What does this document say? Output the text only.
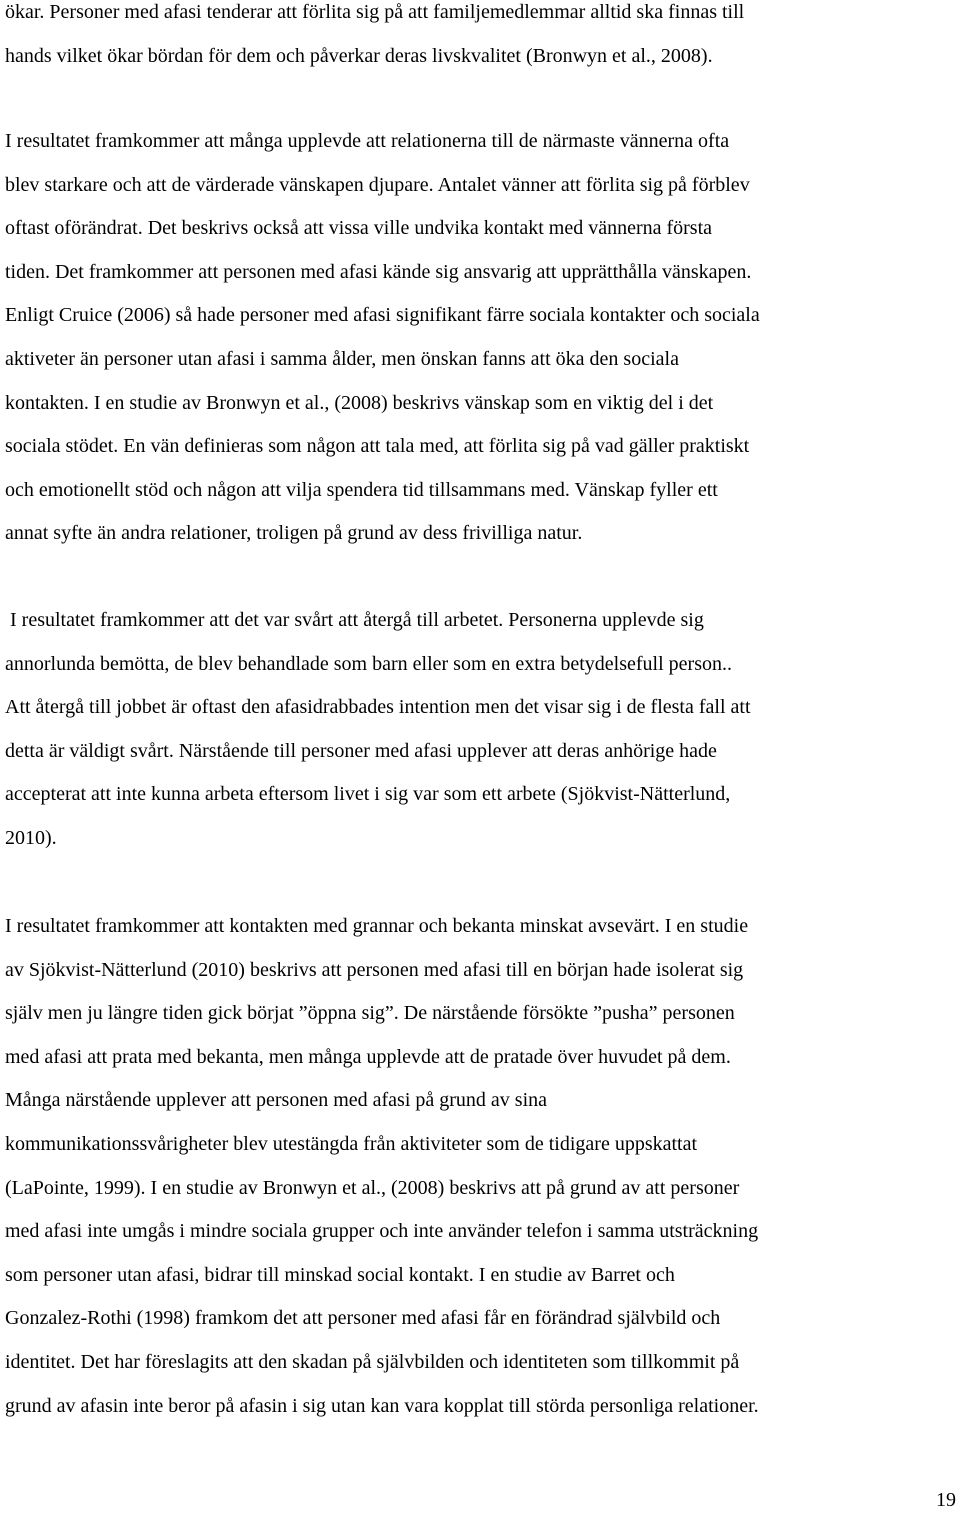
ökar. Personer med afasi tenderar att förlita sig på att familjemedlemmar alltid ska finnas till
hands vilket ökar bördan för dem och påverkar deras livskvalitet (Bronwyn et al., 2008).

I resultatet framkommer att många upplevde att relationerna till de närmaste vännerna ofta
blev starkare och att de värderade vänskapen djupare. Antalet vänner att förlita sig på förblev
oftast oförändrat. Det beskrivs också att vissa ville undvika kontakt med vännerna första
tiden. Det framkommer att personen med afasi kände sig ansvarig att upprätthålla vänskapen.
Enligt Cruice (2006) så hade personer med afasi signifikant färre sociala kontakter och sociala
aktiveter än personer utan afasi i samma ålder, men önskan fanns att öka den sociala
kontakten. I en studie av Bronwyn et al., (2008) beskrivs vänskap som en viktig del i det
sociala stödet. En vän definieras som någon att tala med, att förlita sig på vad gäller praktiskt
och emotionellt stöd och någon att vilja spendera tid tillsammans med. Vänskap fyller ett
annat syfte än andra relationer, troligen på grund av dess frivilliga natur.

I resultatet framkommer att det var svårt att återgå till arbetet. Personerna upplevde sig
annorlunda bemötta, de blev behandlade som barn eller som en extra betydelsefull person..
Att återgå till jobbet är oftast den afasidrabbades intention men det visar sig i de flesta fall att
detta är väldigt svårt. Närstående till personer med afasi upplever att deras anhörige hade
accepterat att inte kunna arbeta eftersom livet i sig var som ett arbete (Sjökvist-Nätterlund,
2010).

I resultatet framkommer att kontakten med grannar och bekanta minskat avsevärt. I en studie
av Sjökvist-Nätterlund (2010) beskrivs att personen med afasi till en början hade isolerat sig
själv men ju längre tiden gick börjat ”öppna sig”. De närstående försökte ”pusha” personen
med afasi att prata med bekanta, men många upplevde att de pratade över huvudet på dem.
Många närstående upplever att personen med afasi på grund av sina
kommunikationssvårigheter blev utestängda från aktiviteter som de tidigare uppskattat
(LaPointe, 1999). I en studie av Bronwyn et al., (2008) beskrivs att på grund av att personer
med afasi inte umgås i mindre sociala grupper och inte använder telefon i samma utsträckning
som personer utan afasi, bidrar till minskad social kontakt. I en studie av Barret och
Gonzalez-Rothi (1998) framkom det att personer med afasi får en förändrad självbild och
identitet. Det har föreslagits att den skadan på självbilden och identiteten som tillkommit på
grund av afasin inte beror på afasin i sig utan kan vara kopplat till störda personliga relationer.

19
